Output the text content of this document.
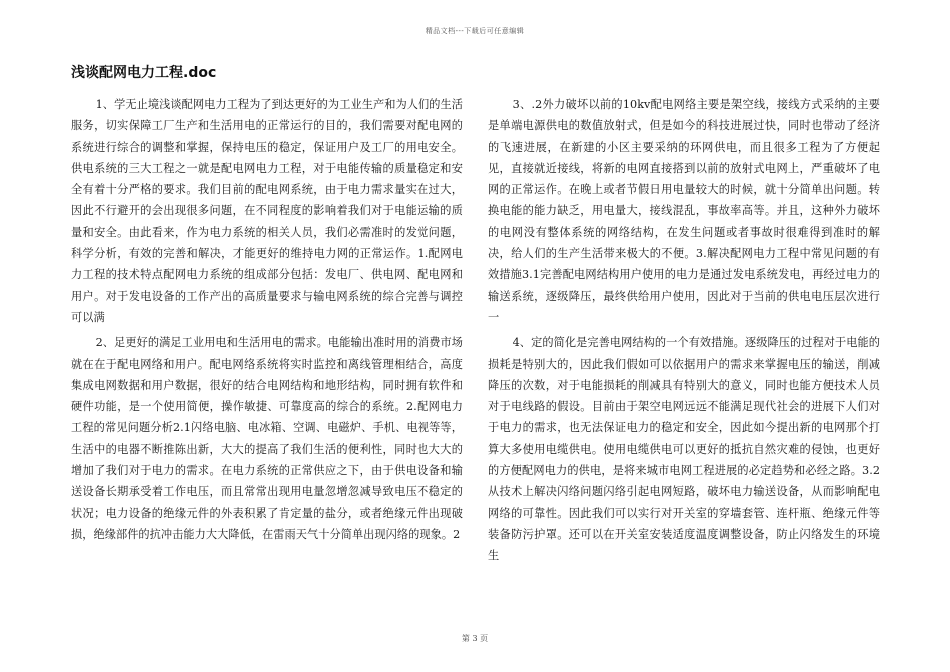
精品文档---下载后可任意编辑
浅谈配网电力工程.doc

1、学无止境浅谈配网电力工程为了到达更好的为工业生产和为人们的生活服务，切实保障工厂生产和生活用电的正常运行的目的，我们需要对配电网的系统进行综合的调整和掌握，保持电压的稳定，保证用户及工厂的用电安全。供电系统的三大工程之一就是配电网电力工程，对于电能传输的质量稳定和安全有着十分严格的要求。我们目前的配电网系统，由于电力需求量实在过大，因此不行避开的会出现很多问题，在不同程度的影响着我们对于电能运输的质量和安全。由此看来，作为电力系统的相关人员，我们必需准时的发觉问题，科学分析，有效的完善和解决，才能更好的维持电力网的正常运作。1.配网电力工程的技术特点配网电力系统的组成部分包括：发电厂、供电网、配电网和用户。对于发电设备的工作产出的高质量要求与输电网系统的综合完善与调控可以满

2、足更好的满足工业用电和生活用电的需求。电能输出准时用的消费市场就在在于配电网络和用户。配电网络系统将实时监控和离线管理相结合，高度集成电网数据和用户数据，很好的结合电网结构和地形结构，同时拥有软件和硬件功能，是一个使用简便，操作敏捷、可靠度高的综合的系统。2.配网电力工程的常见问题分析2.1闪络电脑、电冰箱、空调、电磁炉、手机、电视等等，生活中的电器不断推陈出新，大大的提高了我们生活的便利性，同时也大大的增加了我们对于电力的需求。在电力系统的正常供应之下，由于供电设备和输送设备长期承受着工作电压，而且常常出现用电量忽增忽减导致电压不稳定的状况；电力设备的绝缘元件的外表积累了肯定量的盐分，或者绝缘元件出现破损，绝缘部件的抗冲击能力大大降低，在雷雨天气十分简单出现闪络的现象。2

3、.2外力破坏以前的10kv配电网络主要是架空线，接线方式采纳的主要是单端电源供电的数值放射式，但是如今的科技进展过快，同时也带动了经济的飞速进展，在新建的小区主要采纳的环网供电，而且很多工程为了方便起见，直接就近接线，将新的电网直接搭到以前的放射式电网上，严重破坏了电网的正常运作。在晚上或者节假日用电量较大的时候，就十分简单出问题。转换电能的能力缺乏，用电量大，接线混乱，事故率高等。并且，这种外力破坏的电网没有整体系统的网络结构，在发生问题或者事故时很难得到准时的解决，给人们的生产生活带来极大的不便。3.解决配网电力工程中常见问题的有效措施3.1完善配电网结构用户使用的电力是通过发电系统发电，再经过电力的输送系统，逐级降压，最终供给用户使用，因此对于当前的供电电压层次进行一

4、定的简化是完善电网结构的一个有效措施。逐级降压的过程对于电能的损耗是特别大的，因此我们假如可以依据用户的需求来掌握电压的输送，削减降压的次数，对于电能损耗的削减具有特别大的意义，同时也能方便技术人员对于电线路的假设。目前由于架空电网远远不能满足现代社会的进展下人们对于电力的需求，也无法保证电力的稳定和安全，因此如今提出新的电网那个打算大多使用电缆供电。使用电缆供电可以更好的抵抗自然灾难的侵蚀，也更好的方便配网电力的供电，是将来城市电网工程进展的必定趋势和必经之路。3.2从技术上解决闪络问题闪络引起电网短路，破坏电力输送设备，从而影响配电网络的可靠性。因此我们可以实行对开关室的穿墙套管、连杆瓶、绝缘元件等装备防污护罩。还可以在开关室安装适度温度调整设备，防止闪络发生的环境生

第 3 页
